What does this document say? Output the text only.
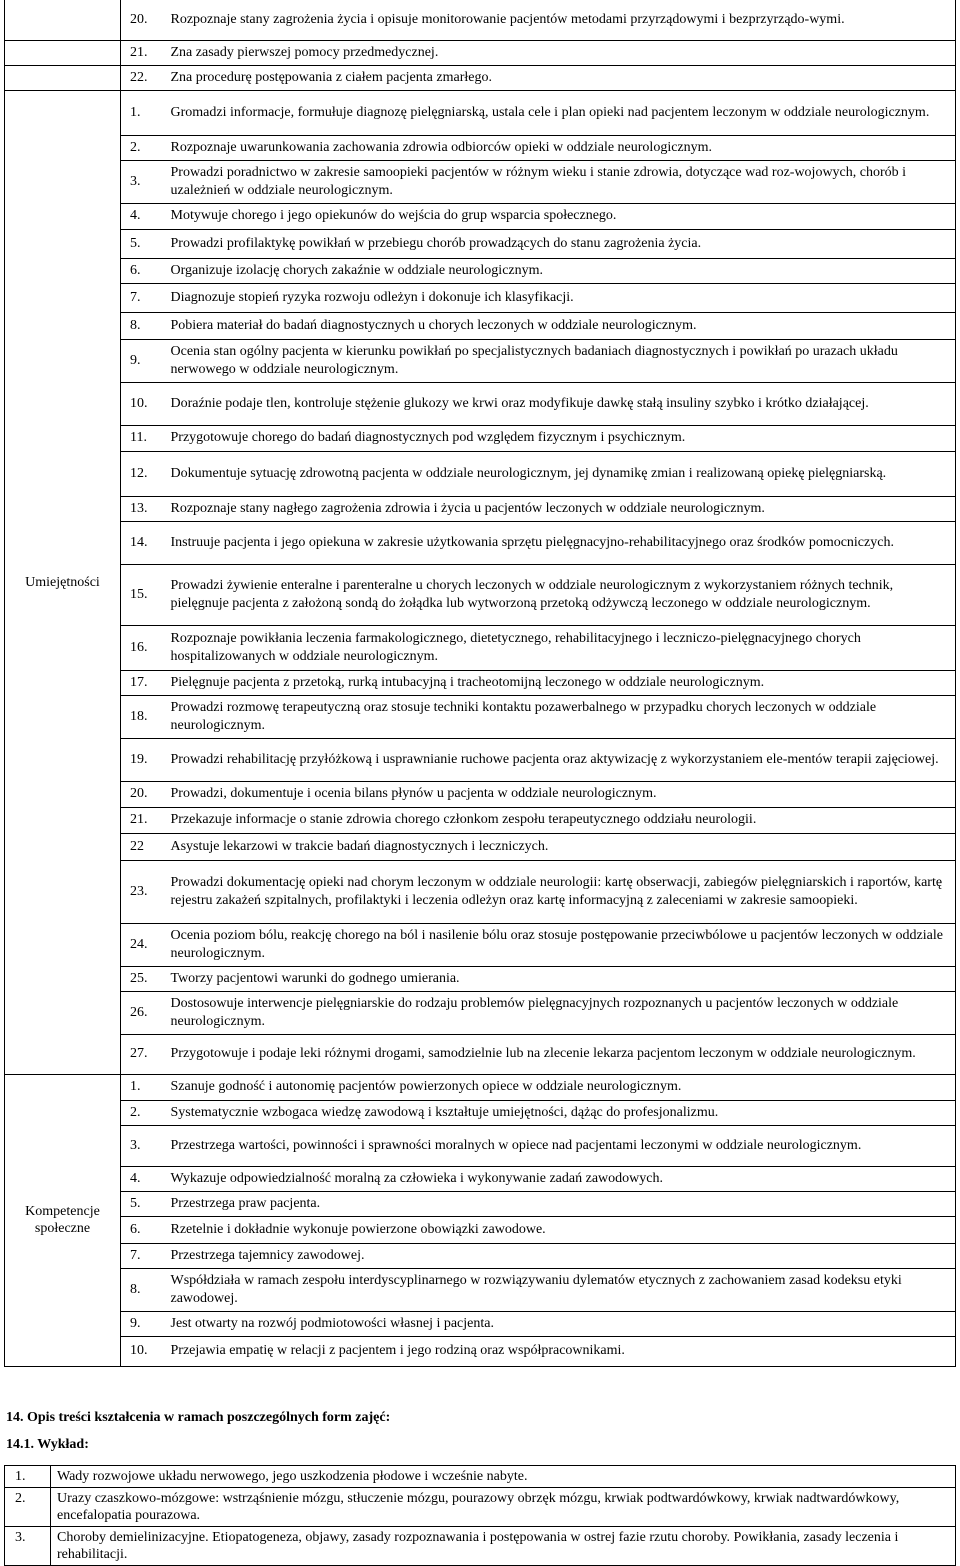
	20.	Rozpoznaje stany zagrożenia życia i opisuje monitorowanie pacjentów metodami przyrządowymi i bezprzyrządo-wymi.
	21.	Zna zasady pierwszej pomocy przedmedycznej.
	22.	Zna procedurę postępowania z ciałem pacjenta zmarłego.
Umiejętności	1.	Gromadzi informacje, formułuje diagnozę pielęgniarską, ustala cele i plan opieki nad pacjentem leczonym w oddziale neurologicznym.
	2.	Rozpoznaje uwarunkowania zachowania zdrowia odbiorców opieki w oddziale neurologicznym.
	3.	Prowadzi poradnictwo w zakresie samoopieki pacjentów w różnym wieku i stanie zdrowia, dotyczące wad roz-wojowych, chorób i uzależnień w oddziale neurologicznym.
	4.	Motywuje chorego i jego opiekunów do wejścia do grup wsparcia społecznego.
	5.	Prowadzi profilaktykę powikłań w przebiegu chorób prowadzących do stanu zagrożenia życia.
	6.	Organizuje izolację chorych zakaźnie w oddziale neurologicznym.
	7.	Diagnozuje stopień ryzyka rozwoju odleżyn i dokonuje ich klasyfikacji.
	8.	Pobiera materiał do badań diagnostycznych u chorych leczonych w oddziale neurologicznym.
	9.	Ocenia stan ogólny pacjenta w kierunku powikłań po specjalistycznych badaniach diagnostycznych i powikłań po urazach układu nerwowego w oddziale neurologicznym.
	10.	Doraźnie podaje tlen, kontroluje stężenie glukozy we krwi oraz modyfikuje dawkę stałą insuliny szybko i krótko działającej.
	11.	Przygotowuje chorego do badań diagnostycznych pod względem fizycznym i psychicznym.
	12.	Dokumentuje sytuację zdrowotną pacjenta w oddziale neurologicznym, jej dynamikę zmian i realizowaną opiekę pielęgniarską.
	13.	Rozpoznaje stany nagłego zagrożenia zdrowia i życia u pacjentów leczonych w oddziale neurologicznym.
	14.	Instruuje pacjenta i jego opiekuna w zakresie użytkowania sprzętu pielęgnacyjno-rehabilitacyjnego oraz środków pomocniczych.
	15.	Prowadzi żywienie enteralne i parenteralne u chorych leczonych w oddziale neurologicznym z wykorzystaniem różnych technik, pielęgnuje pacjenta z założoną sondą do żołądka lub wytworzoną przetoką odżywczą leczonego w oddziale neurologicznym.
	16.	Rozpoznaje powikłania leczenia farmakologicznego, dietetycznego, rehabilitacyjnego i leczniczo-pielęgnacyjnego chorych hospitalizowanych w oddziale neurologicznym.
	17.	Pielęgnuje pacjenta z przetoką, rurką intubacyjną i tracheotomijną leczonego w oddziale neurologicznym.
	18.	Prowadzi rozmowę terapeutyczną oraz stosuje techniki kontaktu pozawerbalnego w przypadku chorych leczonych w oddziale neurologicznym.
	19.	Prowadzi rehabilitację przyłóżkową i usprawnianie ruchowe pacjenta oraz aktywizację z wykorzystaniem ele-mentów terapii zajęciowej.
	20.	Prowadzi, dokumentuje i ocenia bilans płynów u pacjenta w oddziale neurologicznym.
	21.	Przekazuje informacje o stanie zdrowia chorego członkom zespołu terapeutycznego oddziału neurologii.
	22	Asystuje lekarzowi w trakcie badań diagnostycznych i leczniczych.
	23.	Prowadzi dokumentację opieki nad chorym leczonym w oddziale neurologii: kartę obserwacji, zabiegów pielęgniarskich i raportów, kartę rejestru zakażeń szpitalnych, profilaktyki i leczenia odleżyn oraz kartę informacyjną z zaleceniami w zakresie samoopieki.
	24.	Ocenia poziom bólu, reakcję chorego na ból i nasilenie bólu oraz stosuje postępowanie przeciwbólowe u pacjentów leczonych w oddziale neurologicznym.
	25.	Tworzy pacjentowi warunki do godnego umierania.
	26.	Dostosowuje interwencje pielęgniarskie do rodzaju problemów pielęgnacyjnych rozpoznanych u pacjentów leczonych w oddziale neurologicznym.
	27.	Przygotowuje i podaje leki różnymi drogami, samodzielnie lub na zlecenie lekarza pacjentom leczonym w oddziale neurologicznym.
Kompetencje społeczne	1.	Szanuje godność i autonomię pacjentów powierzonych opiece w oddziale neurologicznym.
	2.	Systematycznie wzbogaca wiedzę zawodową i kształtuje umiejętności, dążąc do profesjonalizmu.
	3.	Przestrzega wartości, powinności i sprawności moralnych w opiece nad pacjentami leczonymi w oddziale neurologicznym.
	4.	Wykazuje odpowiedzialność moralną za człowieka i wykonywanie zadań zawodowych.
	5.	Przestrzega praw pacjenta.
	6.	Rzetelnie i dokładnie wykonuje powierzone obowiązki zawodowe.
	7.	Przestrzega tajemnicy zawodowej.
	8.	Współdziała w ramach zespołu interdyscyplinarnego w rozwiązywaniu dylematów etycznych z zachowaniem zasad kodeksu etyki zawodowej.
	9.	Jest otwarty na rozwój podmiotowości własnej i pacjenta.
	10.	Przejawia empatię w relacji z pacjentem i jego rodziną oraz współpracownikami.
14. Opis treści kształcenia w ramach poszczególnych form zajęć:
14.1. Wykład:
1.	Wady rozwojowe układu nerwowego, jego uszkodzenia płodowe i wcześnie nabyte.
2.	Urazy czaszkowo-mózgowe: wstrząśnienie mózgu, stłuczenie mózgu, pourazowy obrzęk mózgu, krwiak podtwardówkowy, krwiak nadtwardówkowy, encefalopatia pourazowa.
3.	Choroby demielinizacyjne. Etiopatogeneza, objawy, zasady rozpoznawania i postępowania w ostrej fazie rzutu choroby. Powikłania, zasady leczenia i rehabilitacji.
